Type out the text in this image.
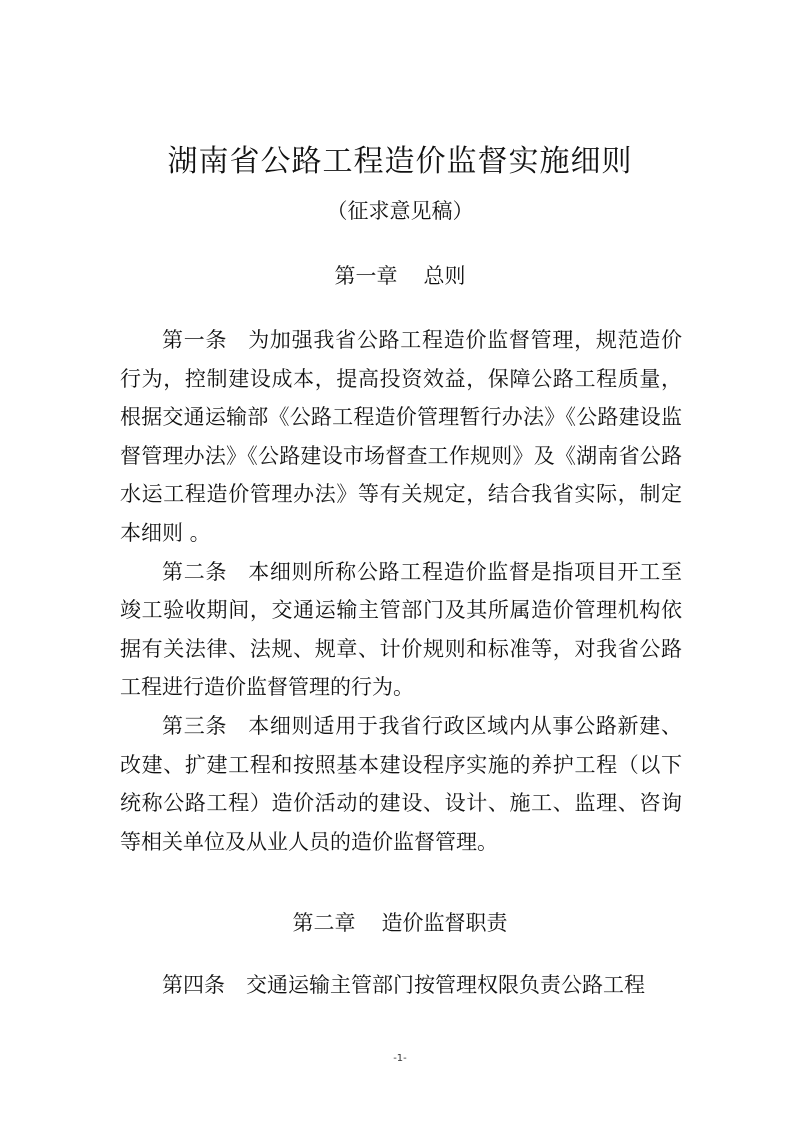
湖南省公路工程造价监督实施细则
（征求意见稿）
第一章 总则

第一条 为加强我省公路工程造价监督管理，规范造价行为，控制建设成本，提高投资效益，保障公路工程质量，根据交通运输部《公路工程造价管理暂行办法》《公路建设监督管理办法》《公路建设市场督查工作规则》及《湖南省公路水运工程造价管理办法》等有关规定，结合我省实际，制定本细则 。

第二条 本细则所称公路工程造价监督是指项目开工至竣工验收期间，交通运输主管部门及其所属造价管理机构依据有关法律、法规、规章、计价规则和标准等，对我省公路工程进行造价监督管理的行为。

第三条 本细则适用于我省行政区域内从事公路新建、改建、扩建工程和按照基本建设程序实施的养护工程（以下统称公路工程）造价活动的建设、设计、施工、监理、咨询等相关单位及从业人员的造价监督管理。

第二章 造价监督职责

第四条 交通运输主管部门按管理权限负责公路工程

-1-
